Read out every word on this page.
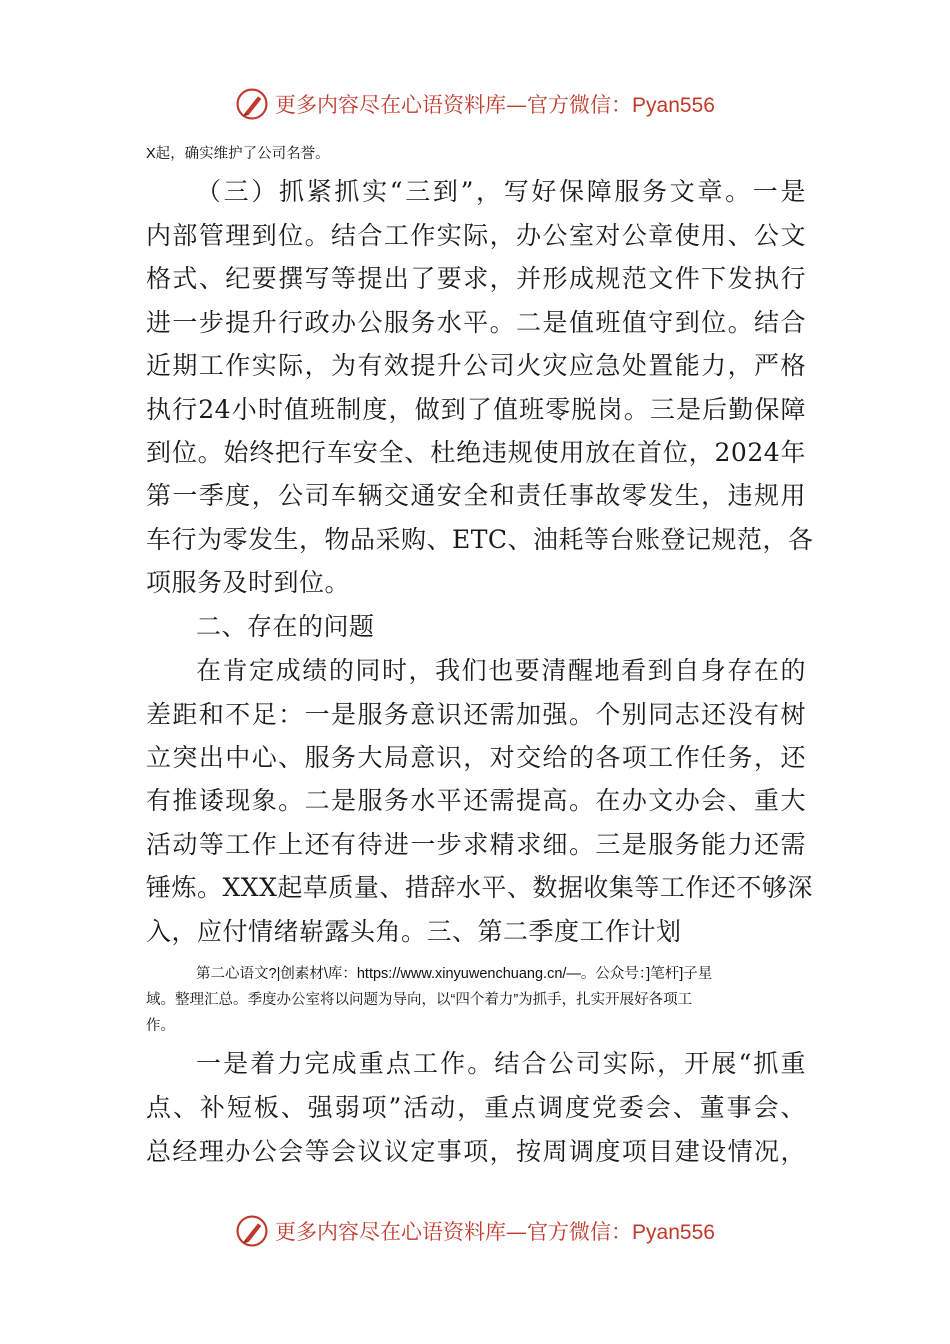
更多内容尽在心语资料库—官方微信：Pyan556
X起，确实维护了公司名誉。
（三）抓紧抓实“三到”，写好保障服务文章。一是
内部管理到位。结合工作实际，办公室对公章使用、公文
格式、纪要撰写等提出了要求，并形成规范文件下发执行
进一步提升行政办公服务水平。二是值班值守到位。结合
近期工作实际，为有效提升公司火灾应急处置能力，严格
执行24小时值班制度，做到了值班零脱岗。三是后勤保障
到位。始终把行车安全、杜绝违规使用放在首位，2024年
第一季度，公司车辆交通安全和责任事故零发生，违规用
车行为零发生，物品采购、ETC、油耗等台账登记规范，各
项服务及时到位。
二、存在的问题
在肯定成绩的同时，我们也要清醒地看到自身存在的
差距和不足：一是服务意识还需加强。个别同志还没有树
立突出中心、服务大局意识，对交给的各项工作任务，还
有推诿现象。二是服务水平还需提高。在办文办会、重大
活动等工作上还有待进一步求精求细。三是服务能力还需
锤炼。XXX起草质量、措辞水平、数据收集等工作还不够深
入，应付情绪崭露头角。三、第二季度工作计划
第二心语文?|创素材\库：https://www.xinyuwenchuang.cn/—。公众号：]笔杆]子星
域。整理汇总。季度办公室将以问题为导向，以“四个着力”为抓手，扎实开展好各项工
作。
一是着力完成重点工作。结合公司实际，开展“抓重
点、补短板、强弱项”活动，重点调度党委会、董事会、
总经理办公会等会议议定事项，按周调度项目建设情况，
更多内容尽在心语资料库—官方微信：Pyan556
